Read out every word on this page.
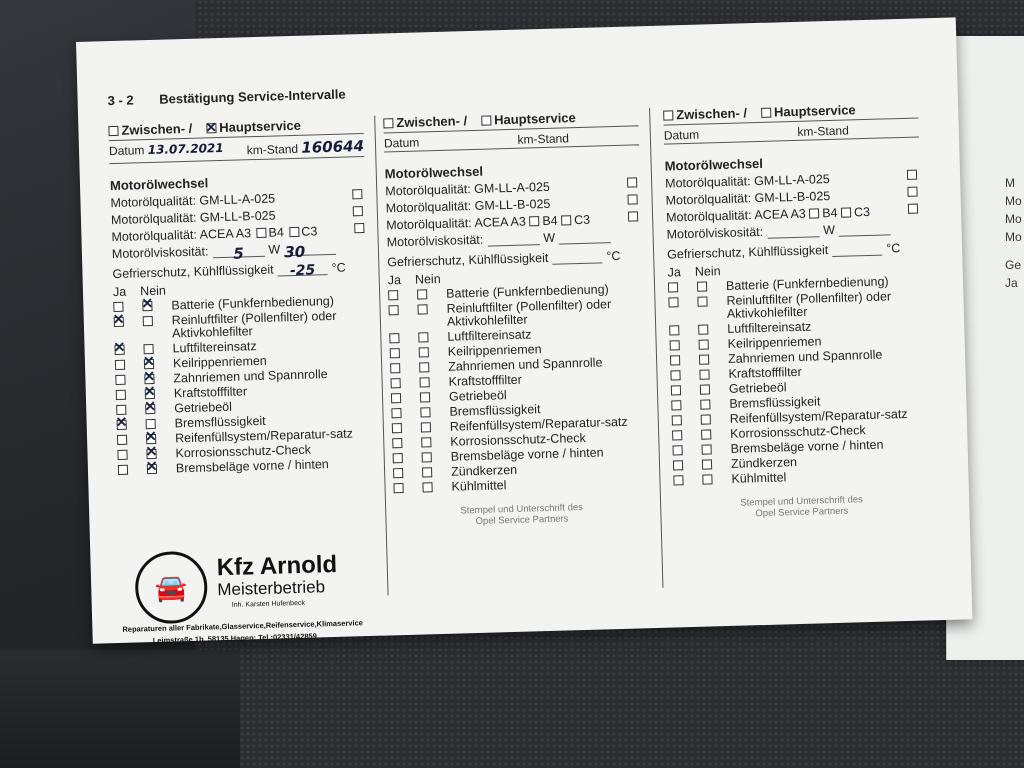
M
Mo
Mo
Mo
Ge
Ja
3 - 2 Bestätigung Service-Intervalle
Zwischen- /
✕	Hauptservice
Datum 13.07.2021 km-Stand 160644
Motorölwechsel
Motorölqualität: GM-LL-A-025
Motorölqualität: GM-LL-B-025
Motorölqualität: ACEA A3 B4 C3
Motorölviskosität:	5	W 30
Gefrierschutz, Kühlflüssigkeit	-25	°C
Ja Nein
✕
Batterie (Funkfernbedienung)
✕
Reinluftfilter (Pollenfilter) oder Aktivkohlefilter
✕
Luftfiltereinsatz
✕
Keilrippenriemen
✕
Zahnriemen und Spannrolle
✕
Kraftstofffilter
✕
Getriebeöl
✕
Bremsflüssigkeit
✕
Reifenfüllsystem/Reparatur-satz
✕
Korrosionsschutz-Check
✕
Bremsbeläge vorne / hinten
🚘
Kfz Arnold
Meisterbetrieb
Inh. Karsten Hufenbeck
Reparaturen aller Fabrikate,Glasservice,Reifenservice,Klimaservice
Leimstraße 1b, 58135 Hagen; Tel.:02331/42859
Zwischen- /	Hauptservice
Datum	km-Stand
Motorölwechsel
Motorölqualität: GM-LL-A-025
Motorölqualität: GM-LL-B-025
Motorölqualität: ACEA A3 B4 C3
Motorölviskosität:	W
Gefrierschutz, Kühlflüssigkeit	°C
Ja Nein
Batterie (Funkfernbedienung)
Reinluftfilter (Pollenfilter) oder Aktivkohlefilter
Luftfiltereinsatz
Keilrippenriemen
Zahnriemen und Spannrolle
Kraftstofffilter
Getriebeöl
Bremsflüssigkeit
Reifenfüllsystem/Reparatur-satz
Korrosionsschutz-Check
Bremsbeläge vorne / hinten
Zündkerzen
Kühlmittel
Stempel und Unterschrift des
Opel Service Partners
Zwischen- /	Hauptservice
Datum	km-Stand
Motorölwechsel
Motorölqualität: GM-LL-A-025
Motorölqualität: GM-LL-B-025
Motorölqualität: ACEA A3 B4 C3
Motorölviskosität:	W
Gefrierschutz, Kühlflüssigkeit	°C
Ja Nein
Batterie (Funkfernbedienung)
Reinluftfilter (Pollenfilter) oder Aktivkohlefilter
Luftfiltereinsatz
Keilrippenriemen
Zahnriemen und Spannrolle
Kraftstofffilter
Getriebeöl
Bremsflüssigkeit
Reifenfüllsystem/Reparatur-satz
Korrosionsschutz-Check
Bremsbeläge vorne / hinten
Zündkerzen
Kühlmittel
Stempel und Unterschrift des
Opel Service Partners
